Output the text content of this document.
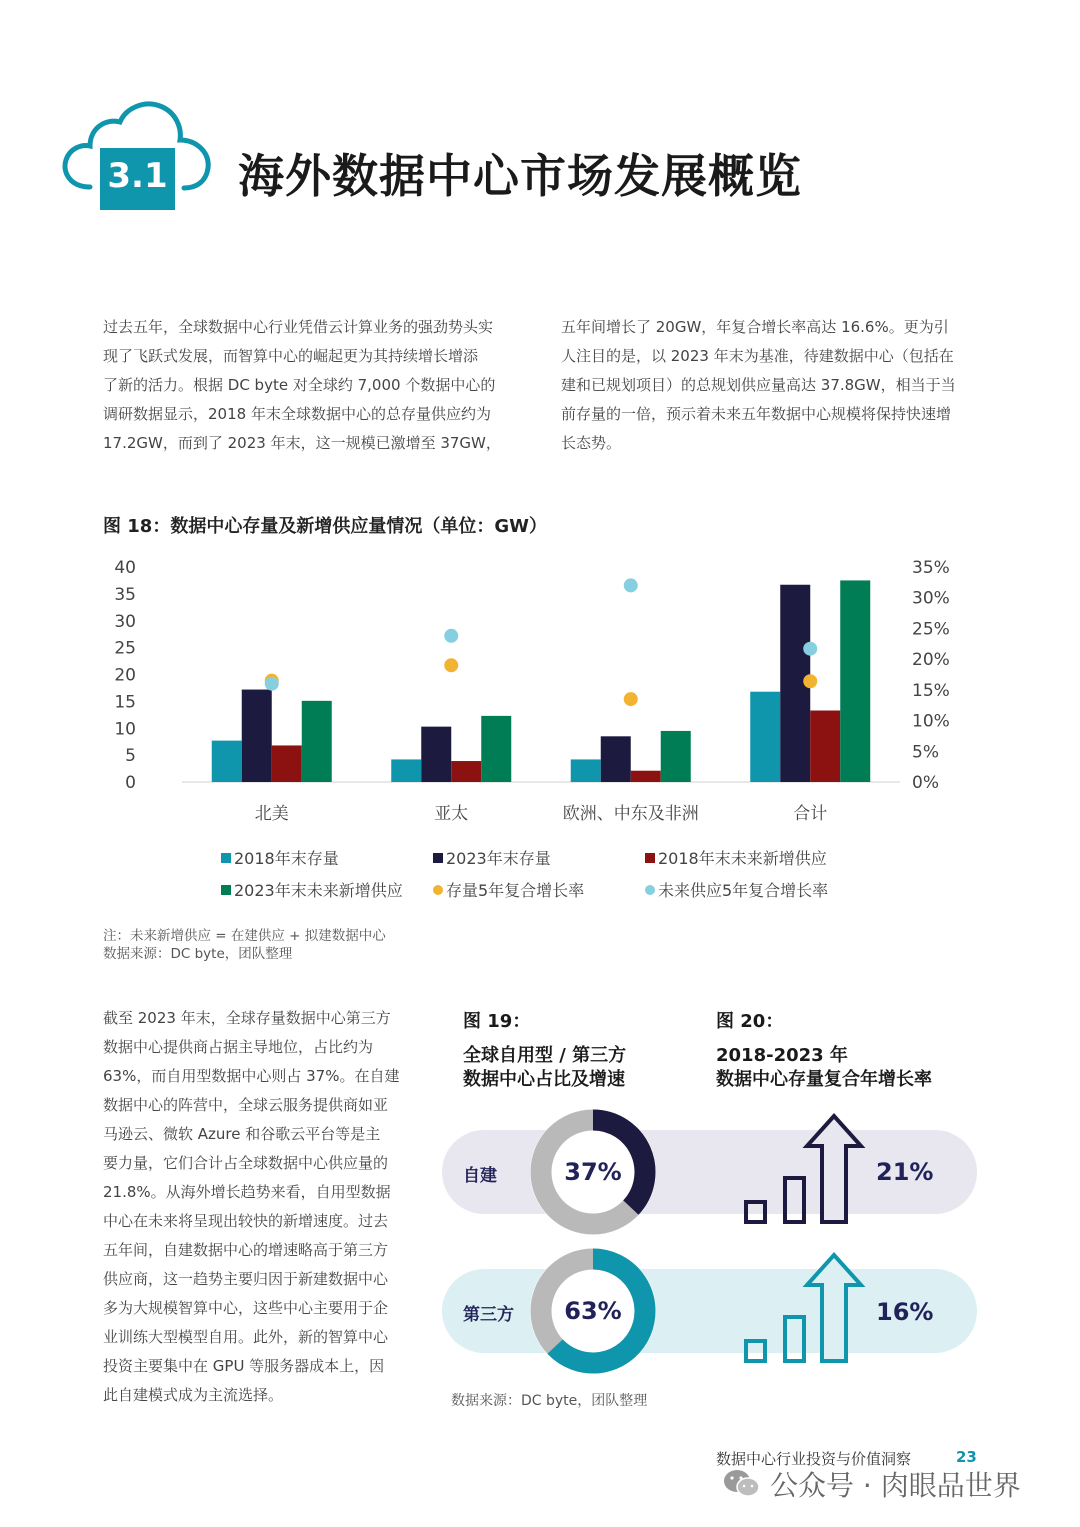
3.1 海外数据中心市场发展概览

过去五年，全球数据中心行业凭借云计算业务的强劲势头实

现了飞跃式发展，而智算中心的崛起更为其持续增长增添

了新的活力。根据 DC byte 对全球约 7,000 个数据中心的

调研数据显示，2018 年末全球数据中心的总存量供应约为

17.2GW，而到了 2023 年末，这一规模已激增至 37GW，

五年间增长了 20GW，年复合增长率高达 16.6%。更为引

人注目的是，以 2023 年末为基准，待建数据中心（包括在

建和已规划项目）的总规划供应量高达 37.8GW，相当于当

前存量的一倍，预示着未来五年数据中心规模将保持快速增

长态势。

图 18：数据中心存量及新增供应量情况（单位：GW）
40
35
30
25
20
15
10
5
0
35%
30%
25%
20%
15%
10%
5%
0%
北美	亚太	欧洲、中东及非洲	合计
2018年末存量	2023年末存量	2018年末未来新增供应
2023年末未来新增供应	存量5年复合增长率	未来供应5年复合增长率
注：未来新增供应 = 在建供应 + 拟建数据中心
数据来源：DC byte，团队整理

截至 2023 年末，全球存量数据中心第三方

数据中心提供商占据主导地位，占比约为

63%，而自用型数据中心则占 37%。在自建

数据中心的阵营中，全球云服务提供商如亚

马逊云、微软 Azure 和谷歌云平台等是主

要力量，它们合计占全球数据中心供应量的

21.8%。从海外增长趋势来看，自用型数据

中心在未来将呈现出较快的新增速度。过去

五年间，自建数据中心的增速略高于第三方

供应商，这一趋势主要归因于新建数据中心

多为大规模智算中心，这些中心主要用于企

业训练大型模型自用。此外，新的智算中心

投资主要集中在 GPU 等服务器成本上，因

此自建模式成为主流选择。

图 19：
全球自用型 / 第三方
数据中心占比及增速
图 20：
2018-2023 年
数据中心存量复合年增长率
自建
第三方
37%
63%
21%
16%
数据来源：DC byte，团队整理
数据中心行业投资与价值洞察	23
公众号 · 肉眼品世界
